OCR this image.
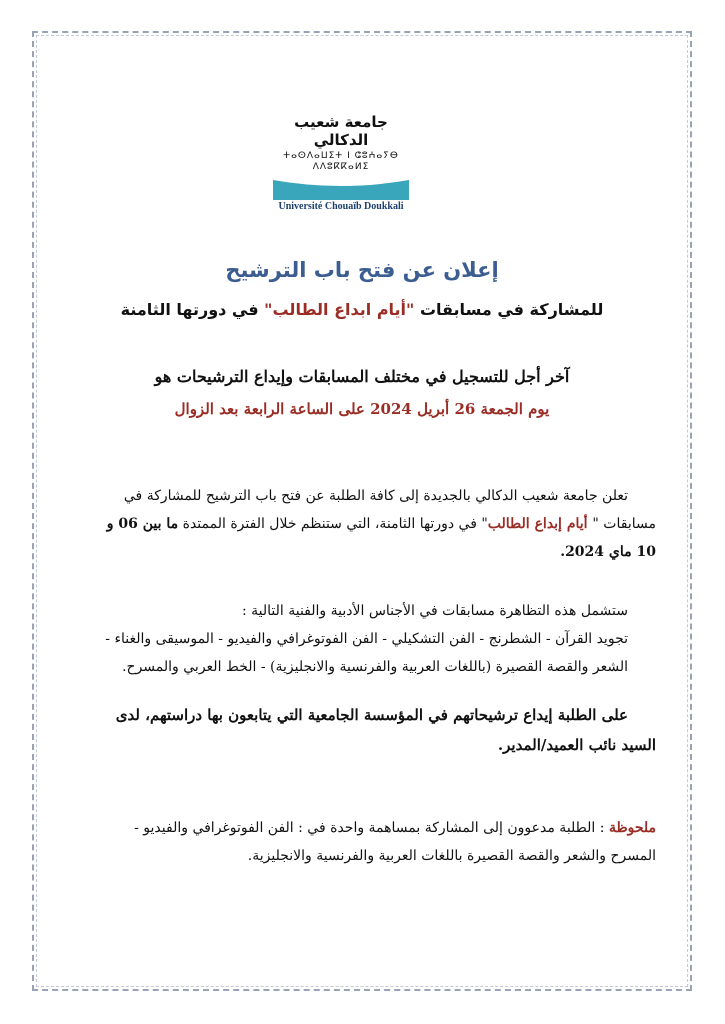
جامعة شعيب الدكالي
ⵜⴰⵙⴷⴰⵡⵉⵜ ⵏ ⵛⵓⵄⴰⵢⴱ ⴷⴷⵓⴽⴽⴰⵍⵉ
Université Chouaïb Doukkali
إعلان عن فتح باب الترشيح
للمشاركة في مسابقات "أيام ابداع الطالب" في دورتها الثامنة
آخر أجل للتسجيل في مختلف المسابقات وإيداع الترشيحات هو
يوم الجمعة 26 أبريل 2024 على الساعة الرابعة بعد الزوال
تعلن جامعة شعيب الدكالي بالجديدة إلى كافة الطلبة عن فتح باب الترشيح للمشاركة في مسابقات " أيام إبداع الطالب" في دورتها الثامنة، التي ستنظم خلال الفترة الممتدة ما بين 06 و 10 ماي 2024.
ستشمل هذه التظاهرة مسابقات في الأجناس الأدبية والفنية التالية :
تجويد القرآن - الشطرنج - الفن التشكيلي - الفن الفوتوغرافي والفيديو - الموسيقى والغناء - الشعر والقصة القصيرة (باللغات العربية والفرنسية والانجليزية) - الخط العربي والمسرح.
على الطلبة إيداع ترشيحاتهم في المؤسسة الجامعية التي يتابعون بها دراستهم، لدى السيد نائب العميد/المدير.
ملحوظة : الطلبة مدعوون إلى المشاركة بمساهمة واحدة في : الفن الفوتوغرافي والفيديو - المسرح والشعر والقصة القصيرة باللغات العربية والفرنسية والانجليزية.
